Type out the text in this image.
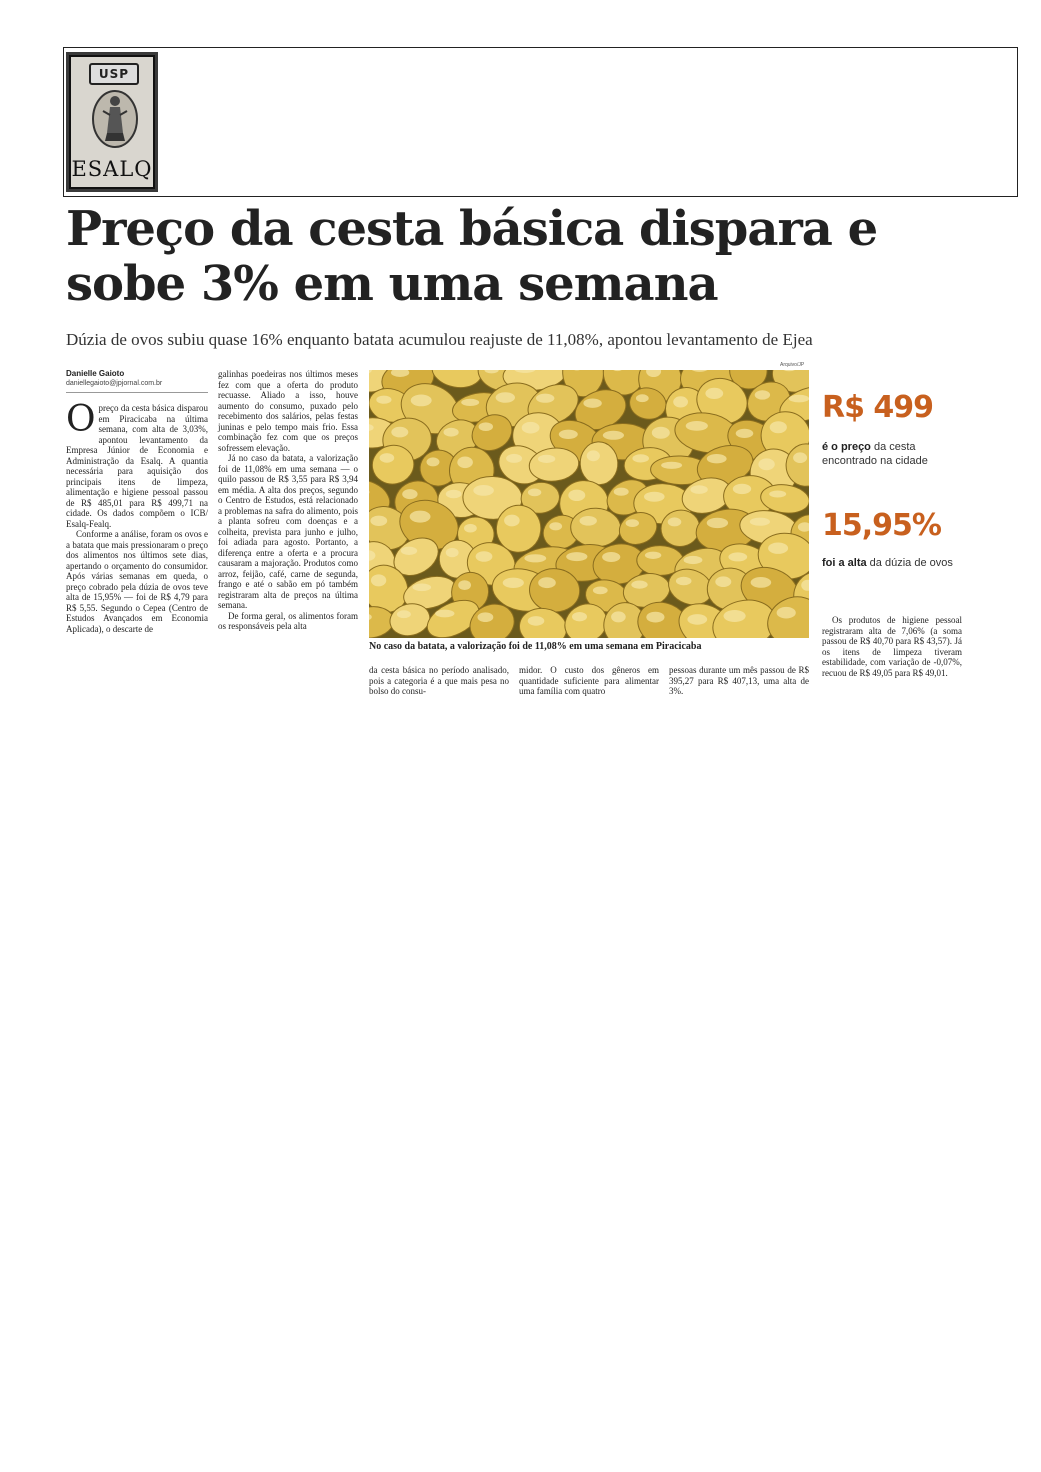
USP
ESALQ
Preço da cesta básica dispara e sobe 3% em uma semana

Dúzia de ovos subiu quase 16% enquanto batata acumulou reajuste de 11,08%, apontou levantamento de Ejea

Danielle Gaioto
daniellegaioto@jpjornal.com.br

Opreço da cesta básica disparou em Piracicaba na última semana, com alta de 3,03%, apontou levantamento da Empresa Júnior de Economia e Administração da Esalq. A quantia necessária para aquisição dos principais itens de limpeza, alimentação e higiene pessoal passou de R$ 485,01 para R$ 499,71 na cidade. Os dados compõem o ICB/ Esalq-Fealq.

Conforme a análise, foram os ovos e a batata que mais pressionaram o preço dos alimentos nos últimos sete dias, apertando o orçamento do consumidor. Após várias semanas em queda, o preço cobrado pela dúzia de ovos teve alta de 15,95% — foi de R$ 4,79 para R$ 5,55. Segundo o Cepea (Centro de Estudos Avançados em Economia Aplicada), o descarte de

galinhas poedeiras nos últimos meses fez com que a oferta do produto recuasse. Aliado a isso, houve aumento do consumo, puxado pelo recebimento dos salários, pelas festas juninas e pelo tempo mais frio. Essa combinação fez com que os preços sofressem elevação.

Já no caso da batata, a valorização foi de 11,08% em uma semana — o quilo passou de R$ 3,55 para R$ 3,94 em média. A alta dos preços, segundo o Centro de Estudos, está relacionado a problemas na safra do alimento, pois a planta sofreu com doenças e a colheita, prevista para junho e julho, foi adiada para agosto. Portanto, a diferença entre a oferta e a procura causaram a majoração. Produtos como arroz, feijão, café, carne de segunda, frango e até o sabão em pó também registraram alta de preços na última semana.

De forma geral, os alimentos foram os responsáveis pela alta

Arquivo/JP
No caso da batata, a valorização foi de 11,08% em uma semana em Piracicaba

da cesta básica no período analisado, pois a categoria é a que mais pesa no bolso do consu-

midor. O custo dos gêneros em quantidade suficiente para alimentar uma família com quatro

pessoas durante um mês passou de R$ 395,27 para R$ 407,13, uma alta de 3%.

R$ 499
é o preço da cesta encontrado na cidade
15,95%
foi a alta da dúzia de ovos

Os produtos de higiene pessoal registraram alta de 7,06% (a soma passou de R$ 40,70 para R$ 43,57). Já os itens de limpeza tiveram estabilidade, com variação de -0,07%, recuou de R$ 49,05 para R$ 49,01.
